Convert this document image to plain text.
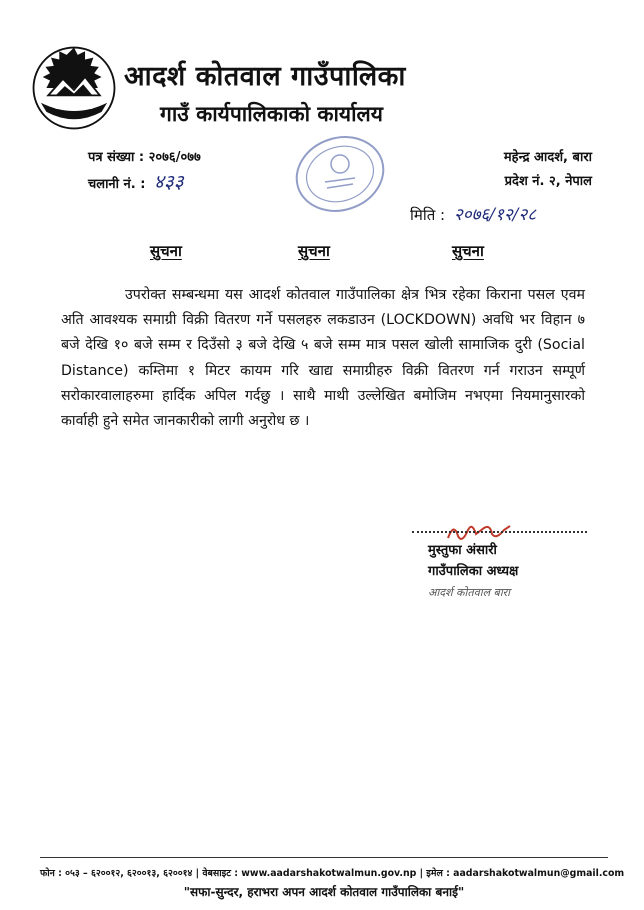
आदर्श कोतवाल गाउँपालिका
गाउँ कार्यपालिकाको कार्यालय
पत्र संख्या : २०७६/०७७
चलानी नं. : ४३३
महेन्द्र आदर्श, बारा
प्रदेश नं. २, नेपाल
मिति : २०७६/१२/२८
सुचना	सुचना	सुचना

उपरोक्त सम्बन्धमा यस आदर्श कोतवाल गाउँपालिका क्षेत्र भित्र रहेका किराना पसल एवम अति आवश्यक समाग्री विक्री वितरण गर्ने पसलहरु लकडाउन (LOCKDOWN) अवधि भर विहान ७ बजे देखि १० बजे सम्म र दिउँसो ३ बजे देखि ५ बजे सम्म मात्र पसल खोली सामाजिक दुरी (Social Distance) कम्तिमा १ मिटर कायम गरि खाद्य समाग्रीहरु विक्री वितरण गर्न गराउन सम्पूर्ण सरोकारवालाहरुमा हार्दिक अपिल गर्दछु । साथै माथी उल्लेखित बमोजिम नभएमा नियमानुसारको कार्वाही हुने समेत जानकारीको लागी अनुरोध छ ।

मुस्तुफा अंसारी
गाउँपालिका अध्यक्ष
आदर्श कोतवाल बारा
फोन : ०५३ – ६२००१२, ६२००१३, ६२००१४ | वेबसाइट : www.aadarshakotwalmun.gov.np | इमेल : aadarshakotwalmun@gmail.com
"सफा-सुन्दर, हराभरा अपन आदर्श कोतवाल गाउँपालिका बनाई"
